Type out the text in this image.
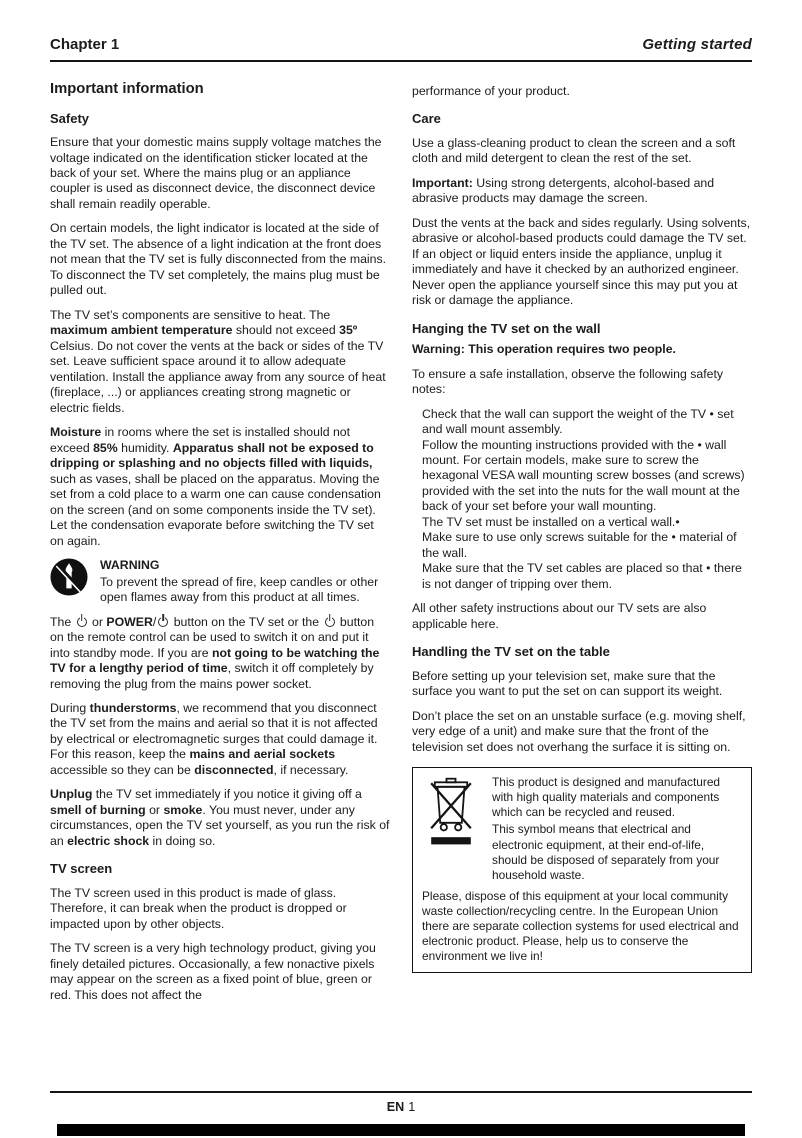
Chapter 1	Getting started
Important information
Safety

Ensure that your domestic mains supply voltage matches the voltage indicated on the identification sticker located at the back of your set. Where the mains plug or an appliance coupler is used as disconnect device, the disconnect device shall remain readily operable.

On certain models, the light indicator is located at the side of the TV set. The absence of a light indication at the front does not mean that the TV set is fully disconnected from the mains. To disconnect the TV set completely, the mains plug must be pulled out.

The TV set’s components are sensitive to heat. The maximum ambient temperature should not exceed 35º Celsius. Do not cover the vents at the back or sides of the TV set. Leave sufficient space around it to allow adequate ventilation. Install the appliance away from any source of heat (fireplace, ...) or appliances creating strong magnetic or electric fields.

Moisture in rooms where the set is installed should not exceed 85% humidity. Apparatus shall not be exposed to dripping or splashing and no objects filled with liquids, such as vases, shall be placed on the apparatus. Moving the set from a cold place to a warm one can cause condensation on the screen (and on some components inside the TV set). Let the condensation evaporate before switching the TV set on again.

WARNING
To prevent the spread of fire, keep candles or other open flames away from this product at all times.

The  or POWER/ button on the TV set or the  button on the remote control can be used to switch it on and put it into standby mode. If you are not going to be watching the TV for a lengthy period of time, switch it off completely by removing the plug from the mains power socket.

During thunderstorms, we recommend that you disconnect the TV set from the mains and aerial so that it is not affected by electrical or electromagnetic surges that could damage it. For this reason, keep the mains and aerial sockets accessible so they can be disconnected, if necessary.

Unplug the TV set immediately if you notice it giving off a smell of burning or smoke. You must never, under any circumstances, open the TV set yourself, as you run the risk of an electric shock in doing so.

TV screen

The TV screen used in this product is made of glass. Therefore, it can break when the product is dropped or impacted upon by other objects.

The TV screen is a very high technology product, giving you finely detailed pictures. Occasionally, a few nonactive pixels may appear on the screen as a fixed point of blue, green or red. This does not affect the

performance of your product.

Care

Use a glass-cleaning product to clean the screen and a soft cloth and mild detergent to clean the rest of the set.

Important: Using strong detergents, alcohol-based and abrasive products may damage the screen.

Dust the vents at the back and sides regularly. Using solvents, abrasive or alcohol-based products could damage the TV set. If an object or liquid enters inside the appliance, unplug it immediately and have it checked by an authorized engineer. Never open the appliance yourself since this may put you at risk or damage the appliance.

Hanging the TV set on the wall

Warning: This operation requires two people.

To ensure a safe installation, observe the following safety notes:

Check that the wall can support the weight of the TV • set and wall mount assembly.

Follow the mounting instructions provided with the • wall mount. For certain models, make sure to screw the hexagonal VESA wall mounting screw bosses (and screws) provided with the set into the nuts for the wall mount at the back of your set before your wall mounting.

The TV set must be installed on a vertical wall.•

Make sure to use only screws suitable for the • material of the wall.

Make sure that the TV set cables are placed so that • there is not danger of tripping over them.

All other safety instructions about our TV sets are also applicable here.

Handling the TV set on the table

Before setting up your television set, make sure that the surface you want to put the set on can support its weight.

Don’t place the set on an unstable surface (e.g. moving shelf, very edge of a unit) and make sure that the front of the television set does not overhang the surface it is sitting on.

This product is designed and manufactured with high quality materials and components which can be recycled and reused.

This symbol means that electrical and electronic equipment, at their end-of-life, should be disposed of separately from your household waste.

Please, dispose of this equipment at your local community waste collection/recycling centre. In the European Union there are separate collection systems for used electrical and electronic product. Please, help us to conserve the environment we live in!

EN 1
